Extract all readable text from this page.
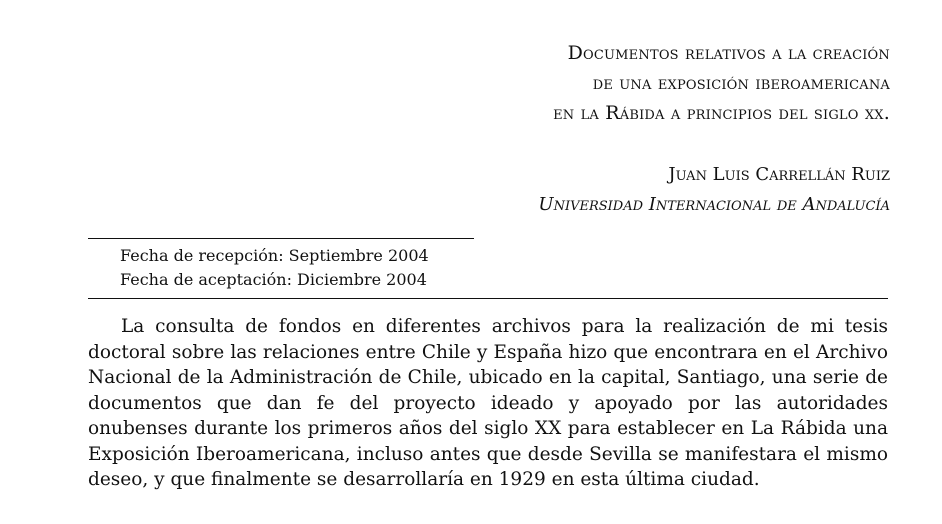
Documentos relativos a la creación
de una exposición iberoamericana
en la Rábida a principios del siglo xx.
Juan Luis Carrellán Ruiz
Universidad Internacional de Andalucía
Fecha de recepción: Septiembre 2004
Fecha de aceptación: Diciembre 2004
La consulta de fondos en diferentes archivos para la realización de mi tesis doctoral sobre las relaciones entre Chile y España hizo que encontrara en el Archivo Nacional de la Administración de Chile, ubicado en la capital, Santiago, una serie de documentos que dan fe del proyecto ideado y apoyado por las autoridades onubenses durante los primeros años del siglo XX para establecer en La Rábida una Exposición Iberoamericana, incluso antes que desde Sevilla se manifestara el mismo deseo, y que finalmente se desarrollaría en 1929 en esta última ciudad.
